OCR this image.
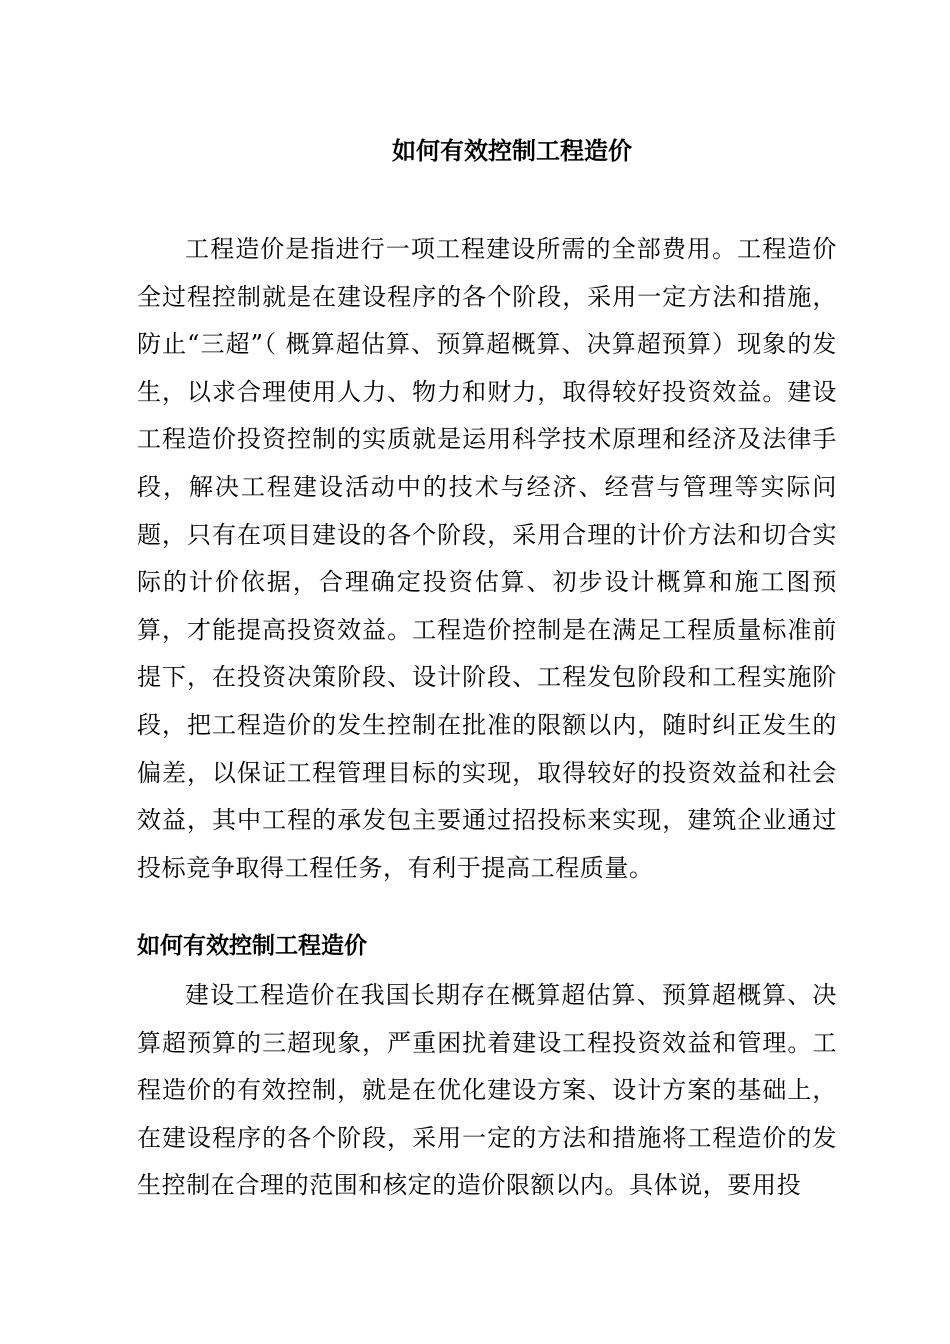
如何有效控制工程造价

工程造价是指进行一项工程建设所需的全部费用。工程造价全过程控制就是在建设程序的各个阶段，采用一定方法和措施，防止“三超”（ 概算超估算、预算超概算、决算超预算）现象的发生，以求合理使用人力、物力和财力，取得较好投资效益。建设工程造价投资控制的实质就是运用科学技术原理和经济及法律手段，解决工程建设活动中的技术与经济、经营与管理等实际问题，只有在项目建设的各个阶段，采用合理的计价方法和切合实际的计价依据，合理确定投资估算、初步设计概算和施工图预算，才能提高投资效益。工程造价控制是在满足工程质量标准前提下，在投资决策阶段、设计阶段、工程发包阶段和工程实施阶段，把工程造价的发生控制在批准的限额以内，随时纠正发生的偏差，以保证工程管理目标的实现，取得较好的投资效益和社会效益，其中工程的承发包主要通过招投标来实现，建筑企业通过投标竞争取得工程任务，有利于提高工程质量。

如何有效控制工程造价

建设工程造价在我国长期存在概算超估算、预算超概算、决算超预算的三超现象，严重困扰着建设工程投资效益和管理。工程造价的有效控制，就是在优化建设方案、设计方案的基础上，在建设程序的各个阶段，采用一定的方法和措施将工程造价的发生控制在合理的范围和核定的造价限额以内。具体说，要用投
